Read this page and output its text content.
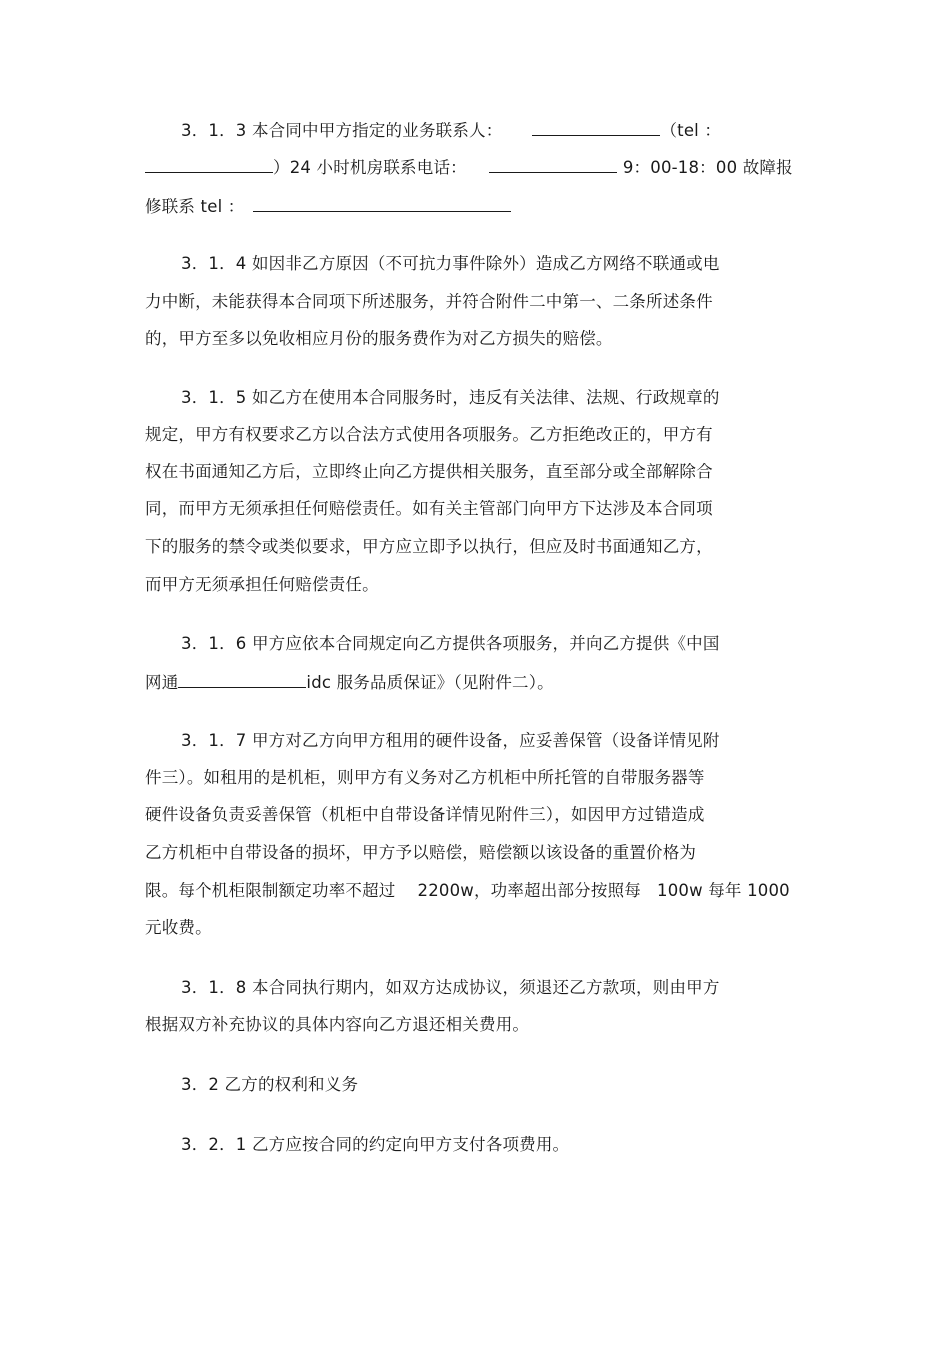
3．1．3 本合同中甲方指定的业务联系人：	（tel ：
）24 小时机房联系电话：	9：00-18：00 故障报
修联系 tel ：
3．1．4 如因非乙方原因（不可抗力事件除外）造成乙方网络不联通或电
力中断，未能获得本合同项下所述服务，并符合附件二中第一、二条所述条件
的，甲方至多以免收相应月份的服务费作为对乙方损失的赔偿。
3．1．5 如乙方在使用本合同服务时，违反有关法律、法规、行政规章的
规定，甲方有权要求乙方以合法方式使用各项服务。乙方拒绝改正的，甲方有
权在书面通知乙方后，立即终止向乙方提供相关服务，直至部分或全部解除合
同，而甲方无须承担任何赔偿责任。如有关主管部门向甲方下达涉及本合同项
下的服务的禁令或类似要求，甲方应立即予以执行，但应及时书面通知乙方，
而甲方无须承担任何赔偿责任。
3．1．6 甲方应依本合同规定向乙方提供各项服务，并向乙方提供《中国
网通	idc 服务品质保证》（见附件二）。
3．1．7 甲方对乙方向甲方租用的硬件设备，应妥善保管（设备详情见附
件三）。如租用的是机柜，则甲方有义务对乙方机柜中所托管的自带服务器等
硬件设备负责妥善保管（机柜中自带设备详情见附件三），如因甲方过错造成
乙方机柜中自带设备的损坏，甲方予以赔偿，赔偿额以该设备的重置价格为
限。每个机柜限制额定功率不超过 2200w，功率超出部分按照每 100w 每年 1000
元收费。
3．1．8 本合同执行期内，如双方达成协议，须退还乙方款项，则由甲方
根据双方补充协议的具体内容向乙方退还相关费用。
3．2 乙方的权利和义务
3．2．1 乙方应按合同的约定向甲方支付各项费用。
